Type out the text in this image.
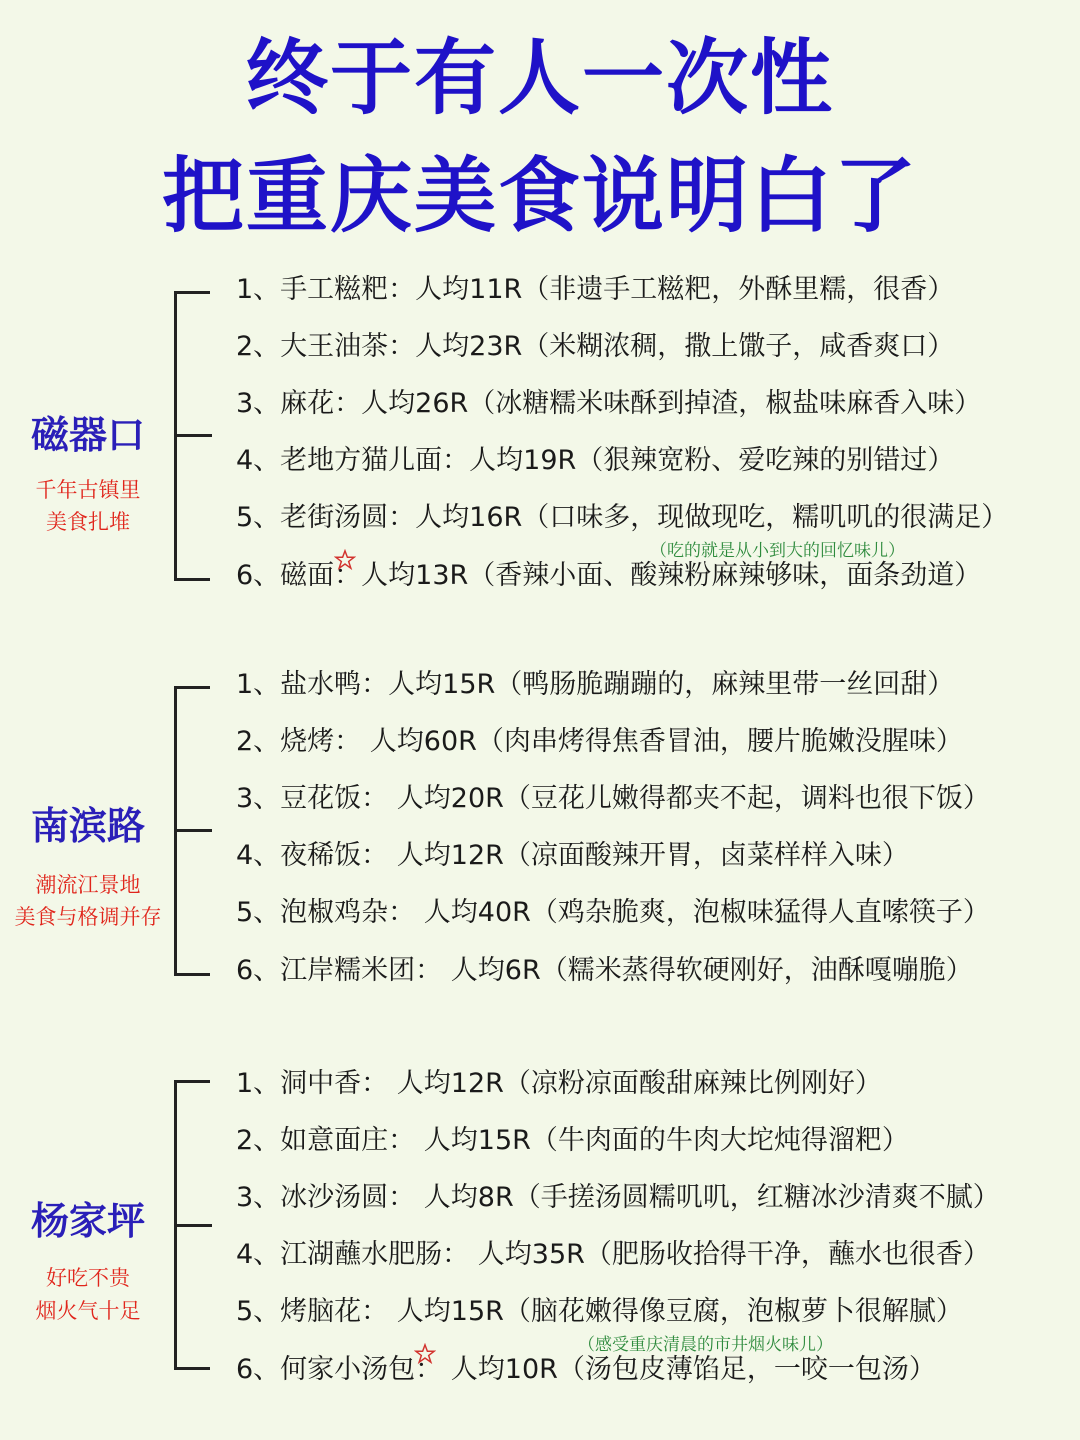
终于有人一次性
把重庆美食说明白了
磁器口
千年古镇里
美食扎堆
1、手工糍粑：人均11R（非遗手工糍粑，外酥里糯，很香）
2、大王油茶：人均23R（米糊浓稠，撒上馓子，咸香爽口）
3、麻花：人均26R（冰糖糯米味酥到掉渣，椒盐味麻香入味）
4、老地方猫儿面：人均19R（狠辣宽粉、爱吃辣的别错过）
5、老街汤圆：人均16R（口味多，现做现吃，糯叽叽的很满足）
6、磁面：人均13R（香辣小面、酸辣粉麻辣够味，面条劲道）
（吃的就是从小到大的回忆味儿）
南滨路
潮流江景地
美食与格调并存
1、盐水鸭：人均15R（鸭肠脆蹦蹦的，麻辣里带一丝回甜）
2、烧烤： 人均60R（肉串烤得焦香冒油，腰片脆嫩没腥味）
3、豆花饭： 人均20R（豆花儿嫩得都夹不起，调料也很下饭）
4、夜稀饭： 人均12R（凉面酸辣开胃，卤菜样样入味）
5、泡椒鸡杂： 人均40R（鸡杂脆爽，泡椒味猛得人直嗦筷子）
6、江岸糯米团： 人均6R（糯米蒸得软硬刚好，油酥嘎嘣脆）
杨家坪
好吃不贵
烟火气十足
1、洞中香： 人均12R（凉粉凉面酸甜麻辣比例刚好）
2、如意面庄： 人均15R（牛肉面的牛肉大坨炖得溜粑）
3、冰沙汤圆： 人均8R（手搓汤圆糯叽叽，红糖冰沙清爽不腻）
4、江湖蘸水肥肠： 人均35R（肥肠收拾得干净，蘸水也很香）
5、烤脑花： 人均15R（脑花嫩得像豆腐，泡椒萝卜很解腻）
6、何家小汤包： 人均10R（汤包皮薄馅足，一咬一包汤）
（感受重庆清晨的市井烟火味儿）
